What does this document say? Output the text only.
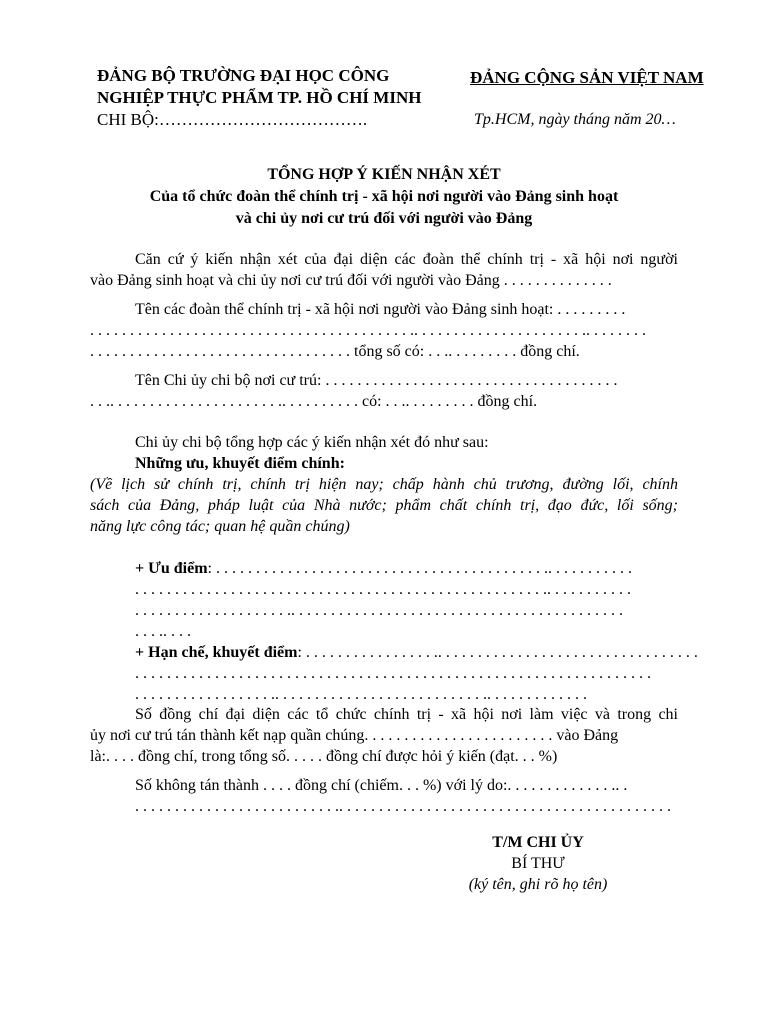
ĐẢNG BỘ TRƯỜNG ĐẠI HỌC CÔNG
NGHIỆP THỰC PHẨM TP. HỒ CHÍ MINH
CHI BỘ:……………………………….
ĐẢNG CỘNG SẢN VIỆT NAM
Tp.HCM, ngày tháng năm 20…
TỔNG HỢP Ý KIẾN NHẬN XÉT
Của tổ chức đoàn thể chính trị - xã hội nơi người vào Đảng sinh hoạt
và chi ủy nơi cư trú đối với người vào Đảng
Căn cứ ý kiến nhận xét của đại diện các đoàn thể chính trị - xã hội nơi người
vào Đảng sinh hoạt và chi ủy nơi cư trú đối với người vào Đảng . . . . . . . . . . . . . .
Tên các đoàn thể chính trị - xã hội nơi người vào Đảng sinh hoạt: . . . . . . . . .
. . . . . . . . . . . . . . . . . . . . . . . . . . . . . . . . . . . . . . . . .. . . . . . . . . . . . . . . . . . . . . .. . . . . . . .
. . . . . . . . . . . . . . . . . . . . . . . . . . . . . . . . . tổng số có: . . .. . . . . . . . . đồng chí.
Tên Chi ủy chi bộ nơi cư trú: . . . . . . . . . . . . . . . . . . . . . . . . . . . . . . . . . . . . .
. . .. . . . . . . . . . . . . . . . . . . . . .. . . . . . . . . . có: . . .. . . . . . . . . đồng chí.
Chi ủy chi bộ tổng hợp các ý kiến nhận xét đó như sau:
Những ưu, khuyết điểm chính:
(Về lịch sử chính trị, chính trị hiện nay; chấp hành chủ trương, đường lối, chính
sách của Đảng, pháp luật của Nhà nước; phẩm chất chính trị, đạo đức, lối sống;
năng lực công tác; quan hệ quần chúng)
+ Ưu điểm: . . . . . . . . . . . . . . . . . . . . . . . . . . . . . . . . . . . . . . . . . .. . . . . . . . . . .
. . . . . . . . . . . . . . . . . . . . . . . . . . . . . . . . . . . . . . . . . . . . . . . . . . . .. . . . . . . . . . .
. . . . . . . . . . . . . . . . . . . .. . . . . . . . . . . . . . . . . . . . . . . . . . . . . . . . . . . . . . . . . .
. . . .. . . .
+ Hạn chế, khuyết điểm: . . . . . . . . . . . . . . . . .. . . . . . . . . . . . . . . . . . . . . . . . . . . . . . . . .
. . . . . . . . . . . . . . . . . . . . . . . . . . . . . . . . . . . . . . . . . . . . . . . . . . . . . . . . . . . . . . . . .
. . . . . . . . . . . . . . . . . .. . . . . . . . . . . . . . . . . . . . . . . . . . .. . . . . . . . . . . . .
Số đồng chí đại diện các tổ chức chính trị - xã hội nơi làm việc và trong chi
ủy nơi cư trú tán thành kết nạp quần chúng. . . . . . . . . . . . . . . . . . . . . . . . vào Đảng
là:. . . . đồng chí, trong tổng số. . . . . đồng chí được hỏi ý kiến (đạt. . . %)
Số không tán thành . . . . đồng chí (chiếm. . . %) với lý do:. . . . . . . . . . . . . .. .
. . . . . . . . . . . . . . . . . . . . . . . . . .. . . . . . . . . . . . . . . . . . . . . . . . . . . . . . . . . . . . . . . . . .
T/M CHI ỦY
BÍ THƯ
(ký tên, ghi rõ họ tên)
